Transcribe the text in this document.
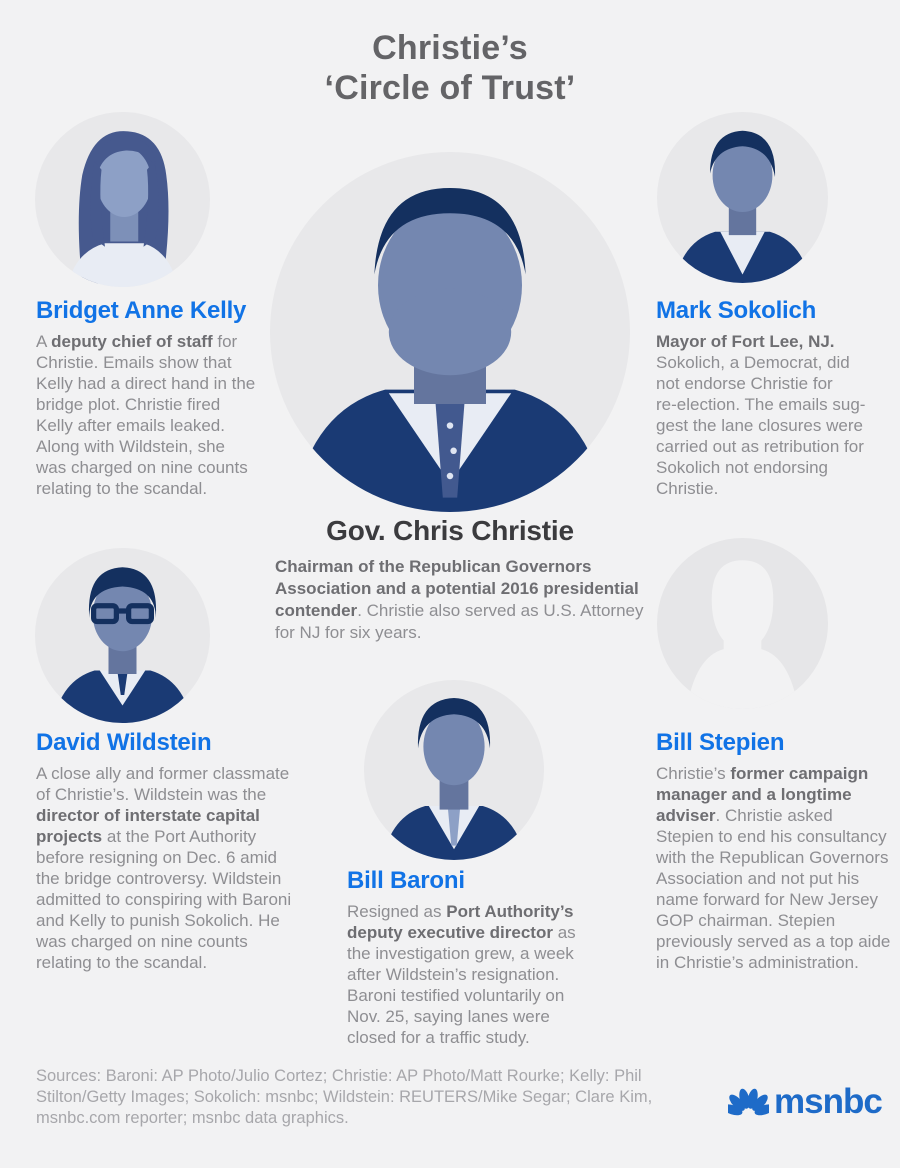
Christie’s
‘Circle of Trust’
Bridget Anne Kelly	Mark Sokolich
Gov. Chris Christie
David Wildstein	Bill Stepien
Bill Baroni
A deputy chief of staff for
Christie. Emails show that
Kelly had a direct hand in the
bridge plot. Christie fired
Kelly after emails leaked.
Along with Wildstein, she
was charged on nine counts
relating to the scandal.
Mayor of Fort Lee, NJ.
Sokolich, a Democrat, did
not endorse Christie for
re-election. The emails sug-
gest the lane closures were
carried out as retribution for
Sokolich not endorsing
Christie.
Chairman of the Republican Governors
Association and a potential 2016 presidential
contender. Christie also served as U.S. Attorney
for NJ for six years.
A close ally and former classmate
of Christie’s. Wildstein was the
director of interstate capital
projects at the Port Authority
before resigning on Dec. 6 amid
the bridge controversy. Wildstein
admitted to conspiring with Baroni
and Kelly to punish Sokolich. He
was charged on nine counts
relating to the scandal.
Christie’s former campaign
manager and a longtime
adviser. Christie asked
Stepien to end his consultancy
with the Republican Governors
Association and not put his
name forward for New Jersey
GOP chairman. Stepien
previously served as a top aide
in Christie’s administration.
Resigned as Port Authority’s
deputy executive director as
the investigation grew, a week
after Wildstein’s resignation.
Baroni testified voluntarily on
Nov. 25, saying lanes were
closed for a traffic study.
Sources: Baroni: AP Photo/Julio Cortez; Christie: AP Photo/Matt Rourke; Kelly: Phil
Stilton/Getty Images; Sokolich: msnbc; Wildstein: REUTERS/Mike Segar; Clare Kim,
msnbc.com reporter; msnbc data graphics.	msnbc
